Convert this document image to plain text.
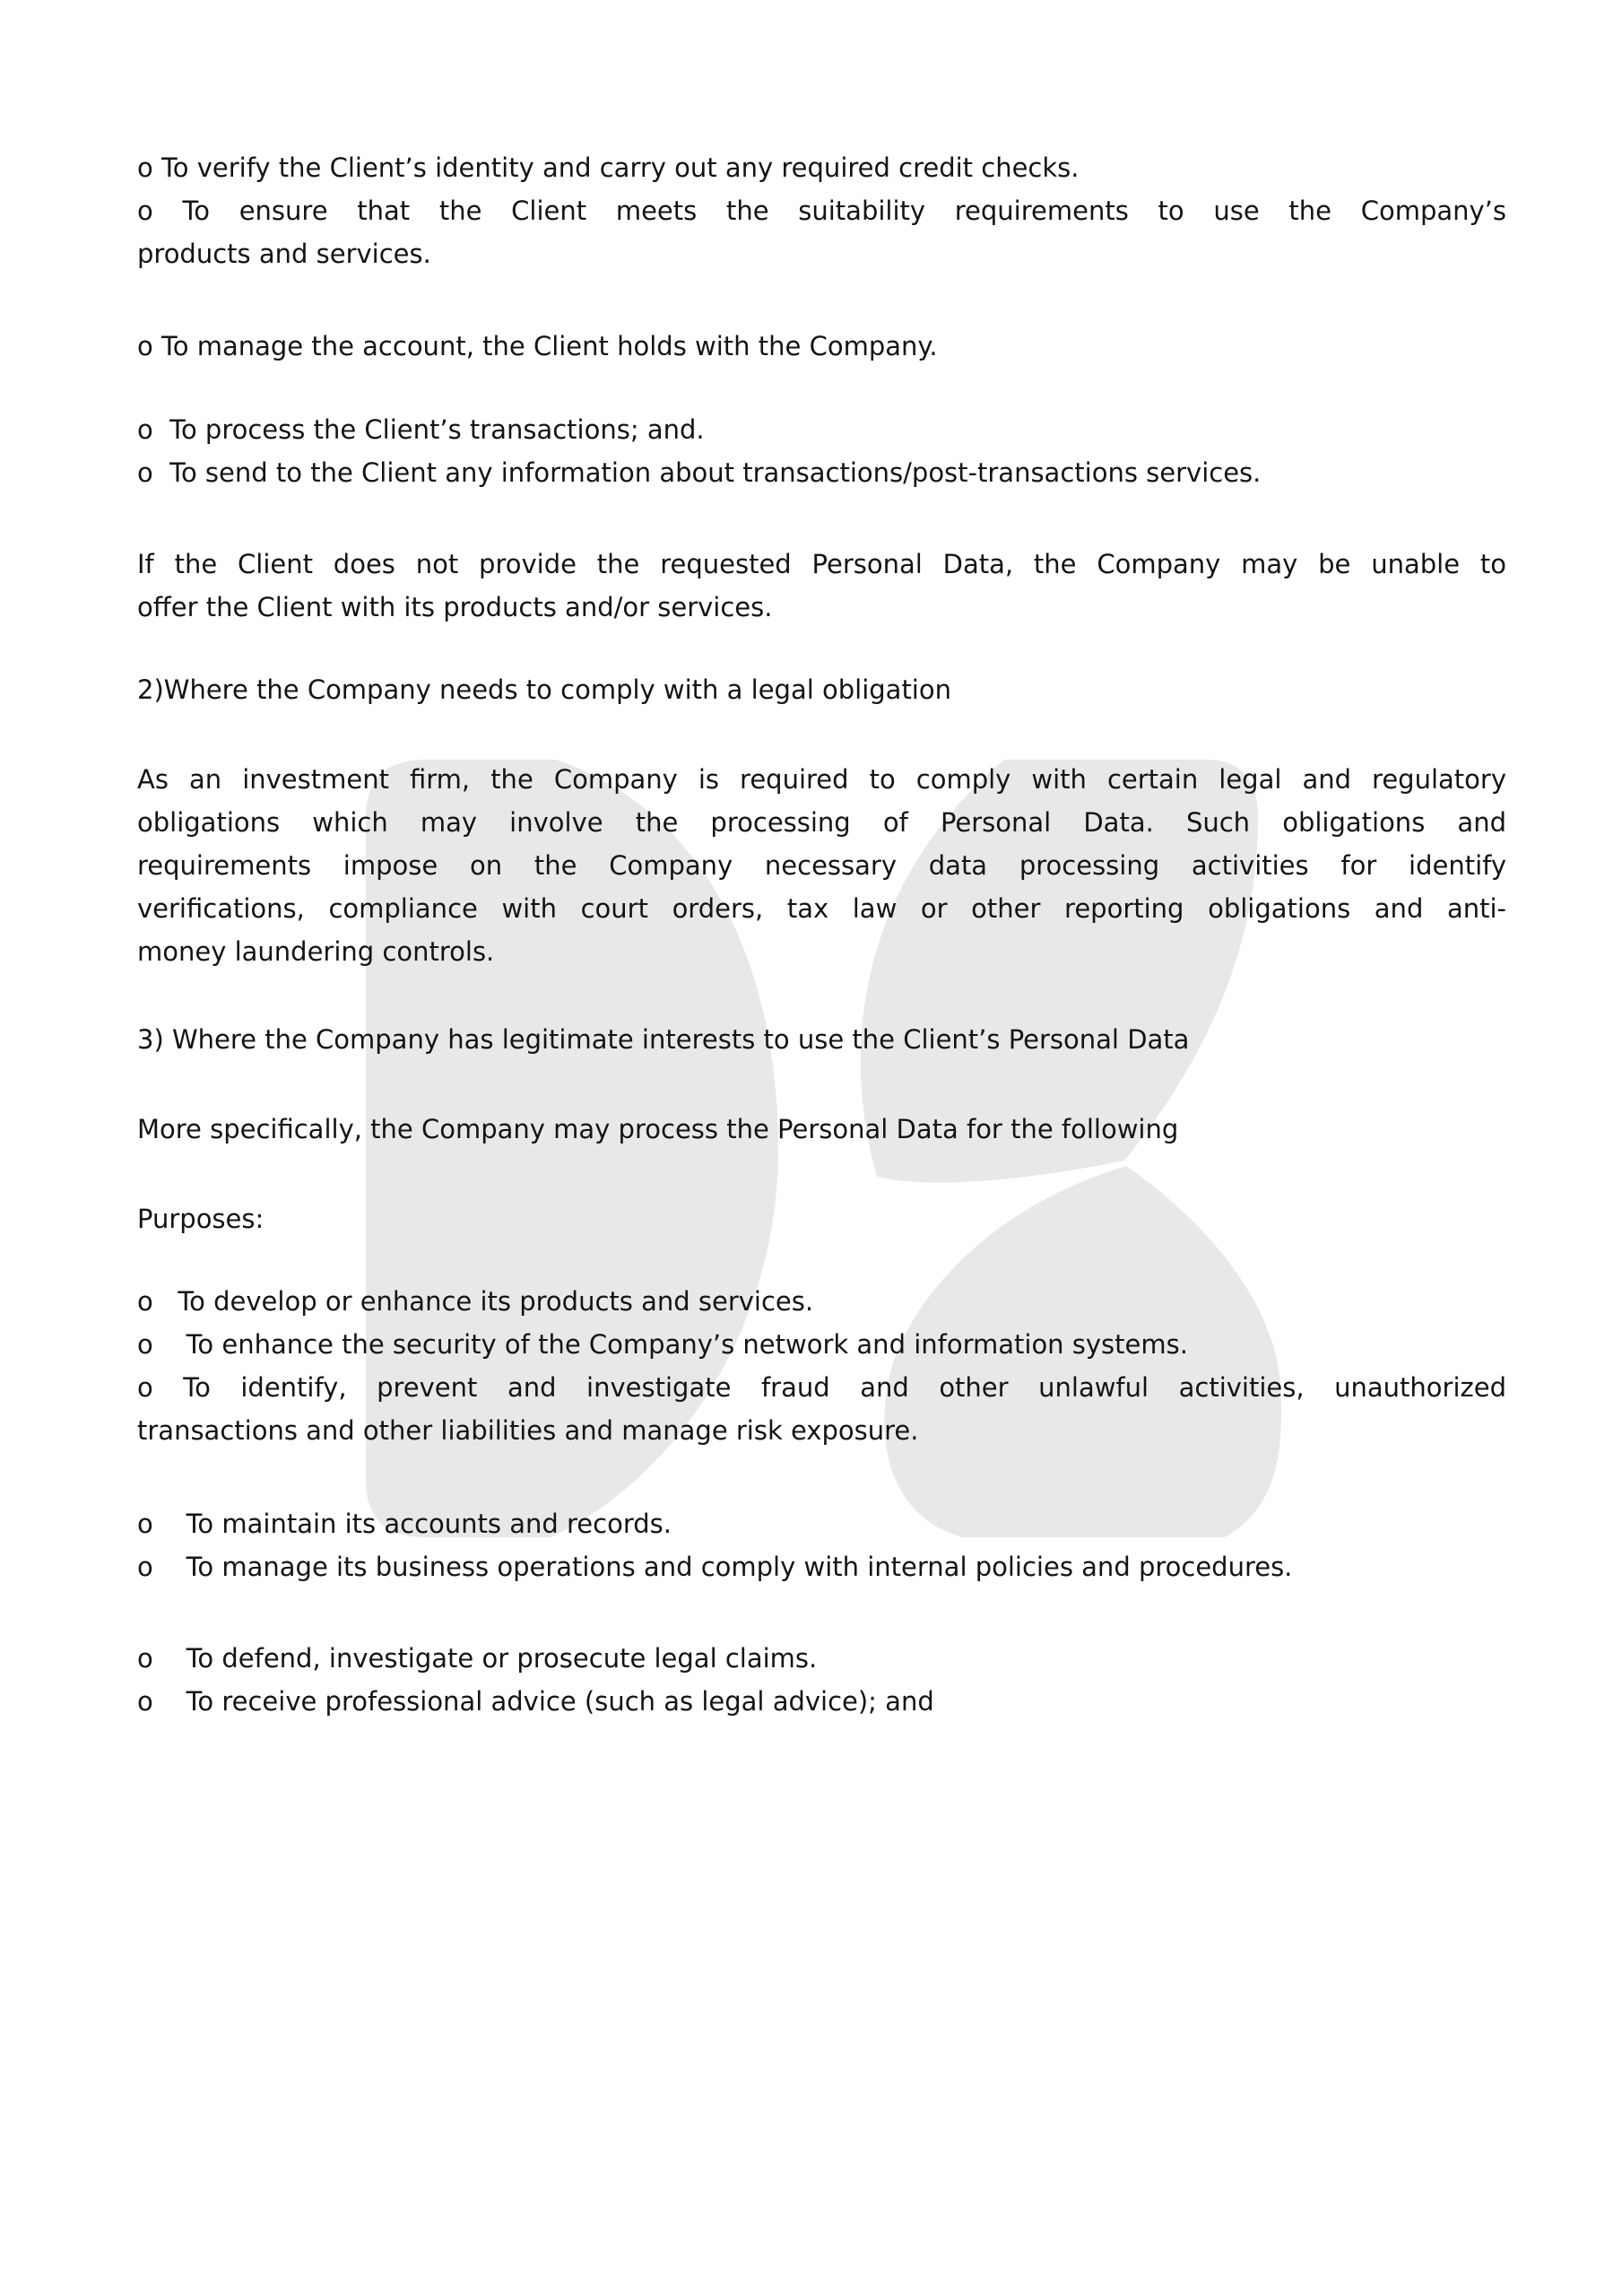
o To verify the Client’s identity and carry out any required credit checks.
o To ensure that the Client meets the suitability requirements to use the Company’s
products and services.
o To manage the account, the Client holds with the Company.
o  To process the Client’s transactions; and.
o  To send to the Client any information about transactions/post-transactions services.
If the Client does not provide the requested Personal Data, the Company may be unable to
offer the Client with its products and/or services.
2)Where the Company needs to comply with a legal obligation
As an investment firm, the Company is required to comply with certain legal and regulatory
obligations which may involve the processing of Personal Data. Such obligations and
requirements impose on the Company necessary data processing activities for identify
verifications, compliance with court orders, tax law or other reporting obligations and anti-
money laundering controls.
3) Where the Company has legitimate interests to use the Client’s Personal Data
More specifically, the Company may process the Personal Data for the following
Purposes:
o   To develop or enhance its products and services.
o    To enhance the security of the Company’s network and information systems.
o To identify, prevent and investigate fraud and other unlawful activities, unauthorized
transactions and other liabilities and manage risk exposure.
o    To maintain its accounts and records.
o    To manage its business operations and comply with internal policies and procedures.
o    To defend, investigate or prosecute legal claims.
o    To receive professional advice (such as legal advice); and
